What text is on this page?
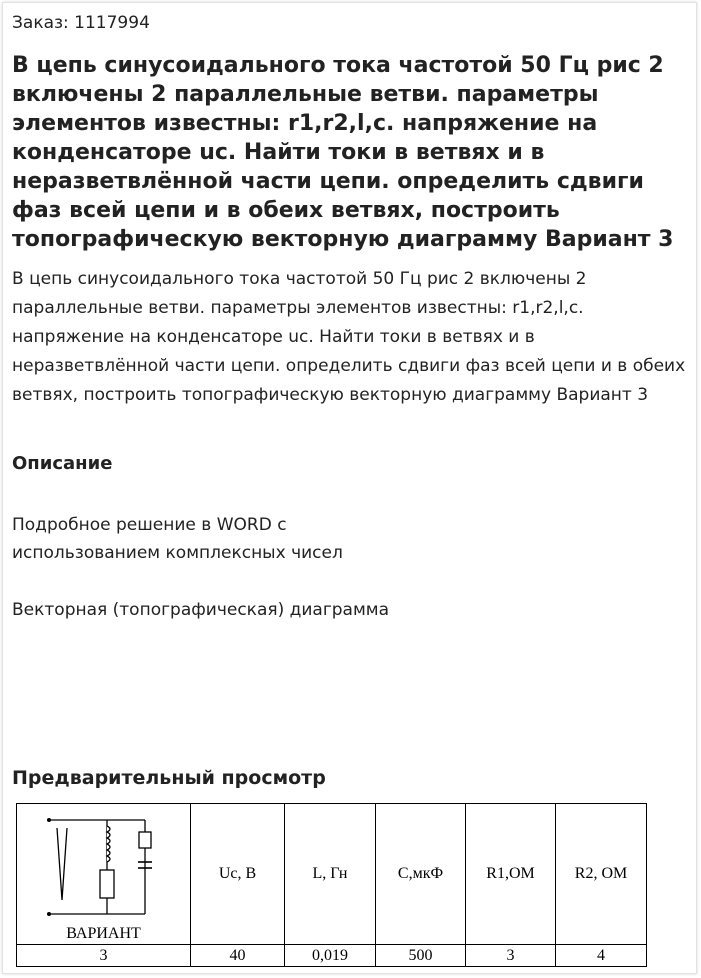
Заказ: 1117994
В цепь синусоидального тока частотой 50 Гц рис 2 включены 2 параллельные ветви. параметры элементов известны: r1,r2,l,c. напряжение на конденсаторе uc. Найти токи в ветвях и в неразветвлённой части цепи. определить сдвиги фаз всей цепи и в обеих ветвях, построить топографическую векторную диаграмму Вариант 3
В цепь синусоидального тока частотой 50 Гц рис 2 включены 2 параллельные ветви. параметры элементов известны: r1,r2,l,c. напряжение на конденсаторе uc. Найти токи в ветвях и в неразветвлённой части цепи. определить сдвиги фаз всей цепи и в обеих ветвях, построить топографическую векторную диаграмму Вариант 3
Описание
Подробное решение в WORD с
использованием комплексных чисел
Векторная (топографическая) диаграмма
Предварительный просмотр
ВАРИАНТ	Uc, В	L, Гн	С,мкФ	R1,ОМ	R2, ОМ
3	40	0,019	500	3	4
